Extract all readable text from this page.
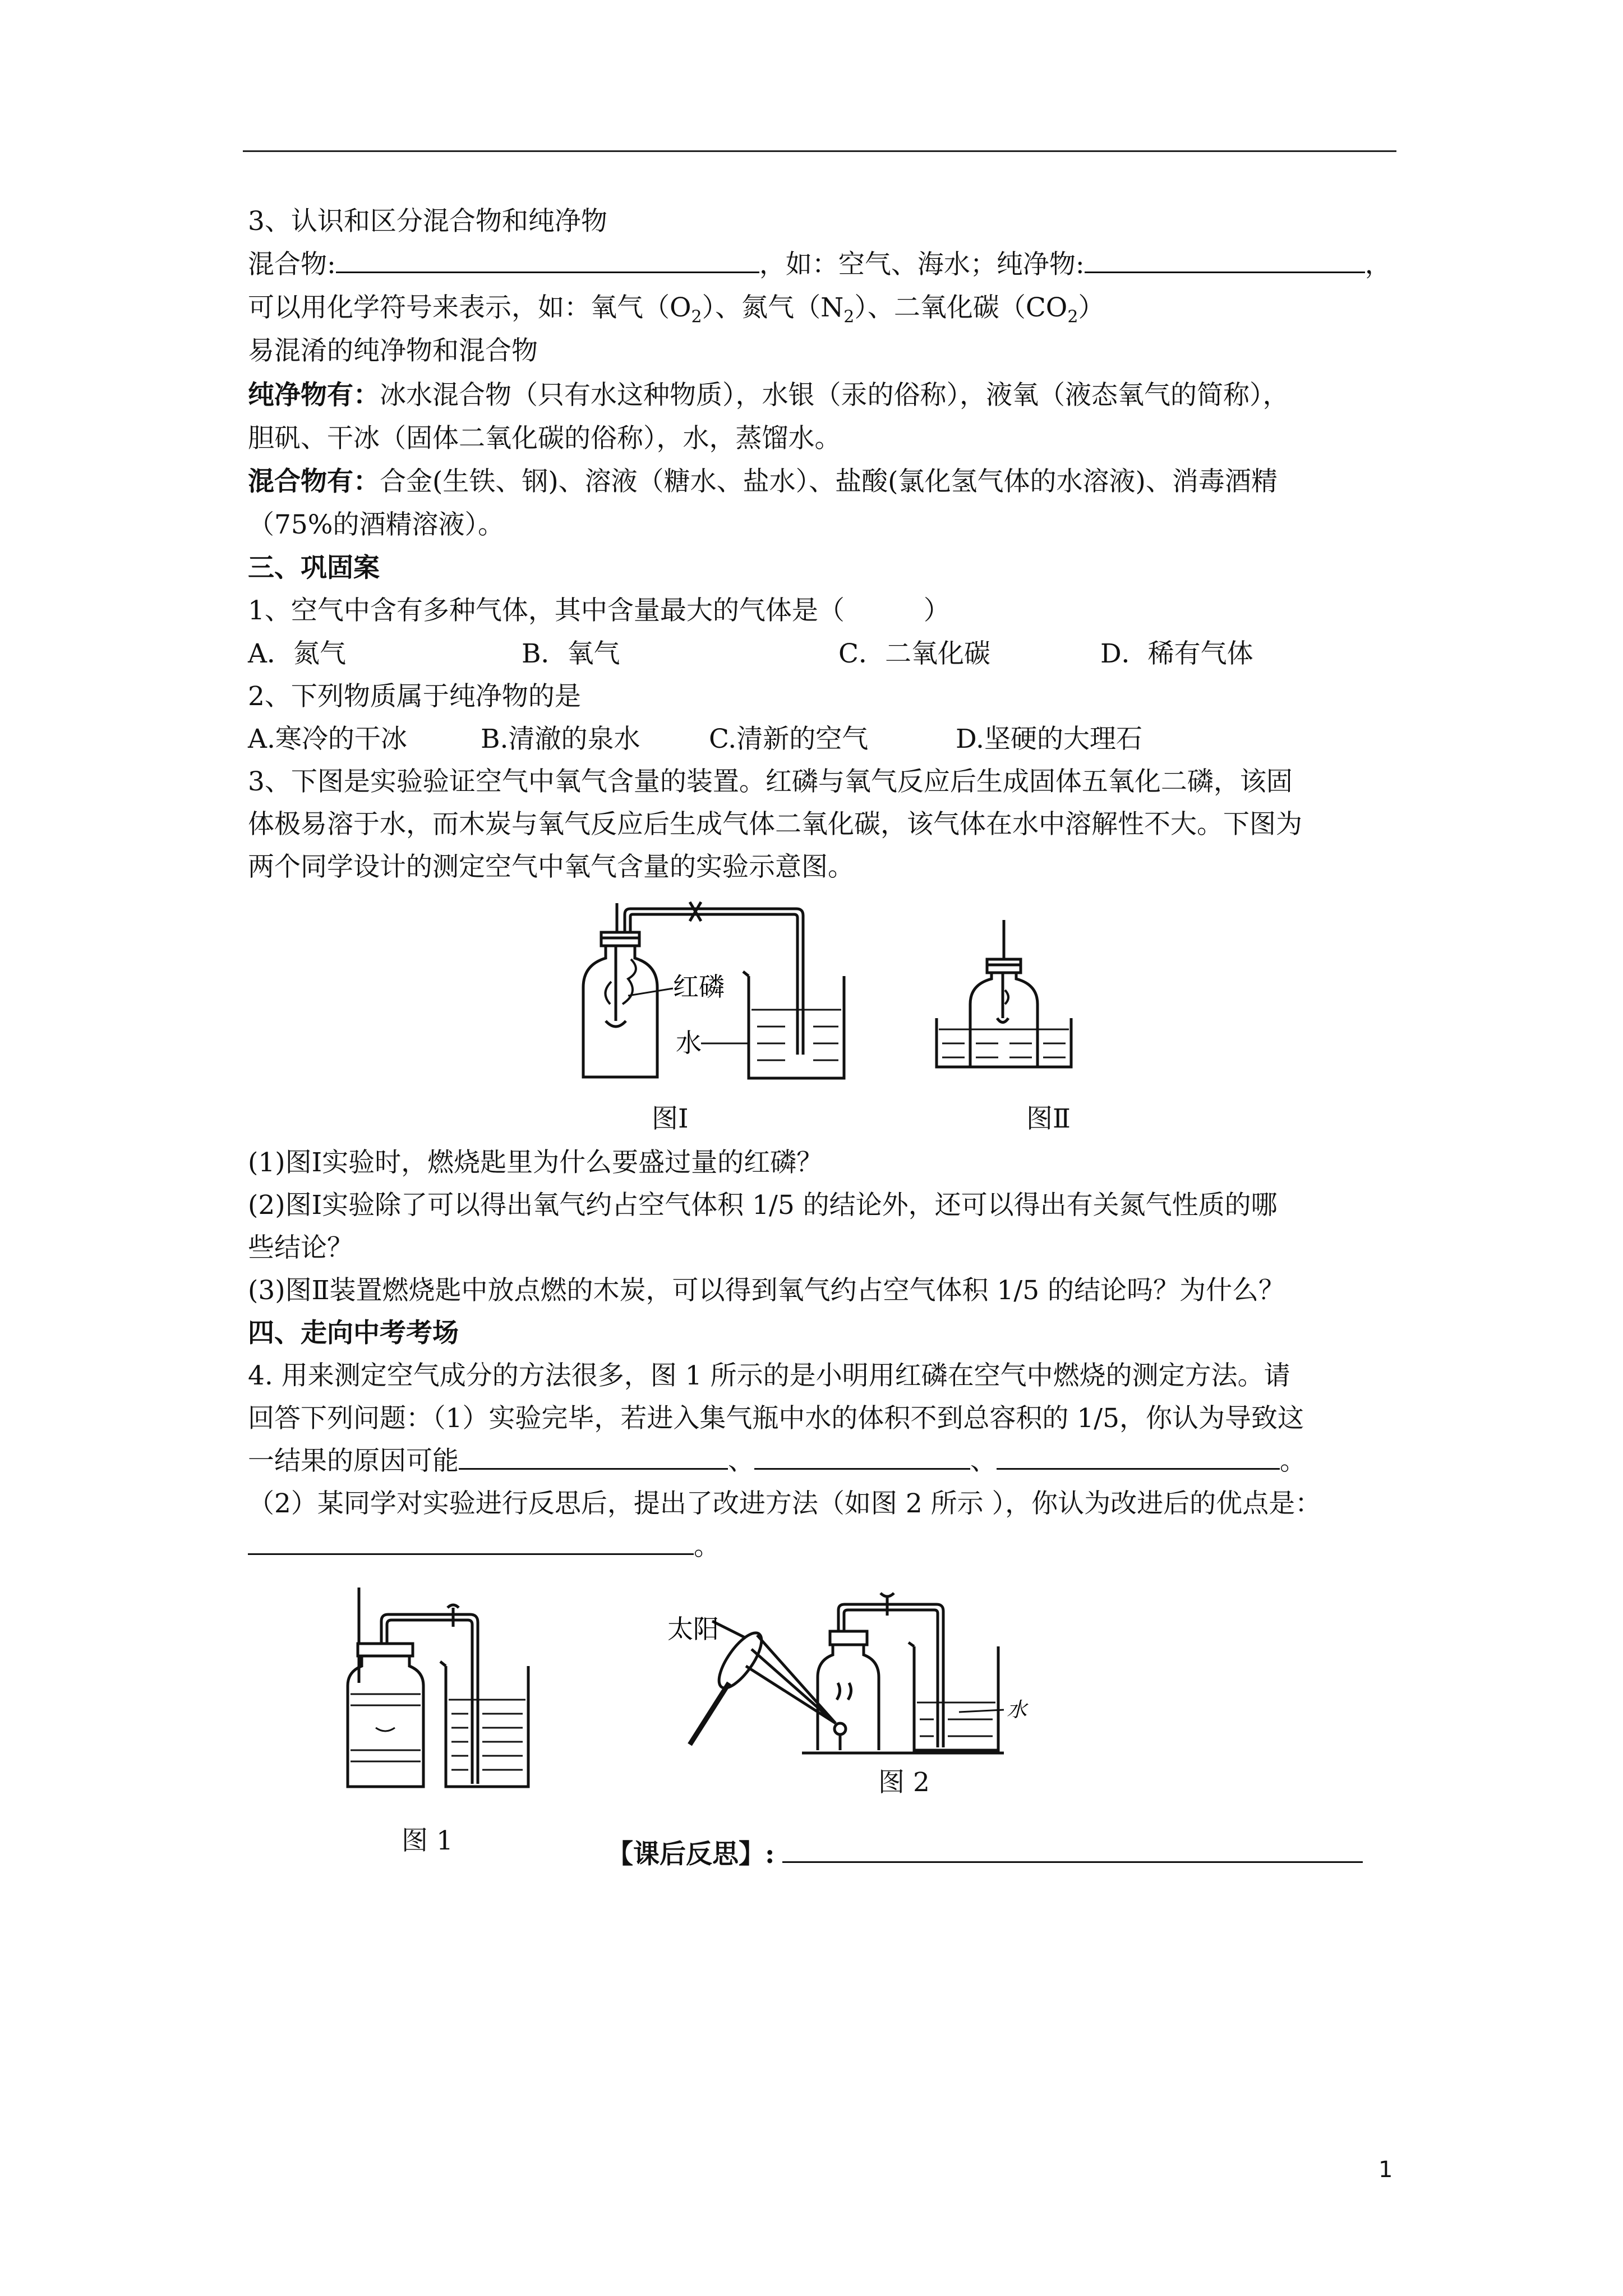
3、认识和区分混合物和纯净物
混合物:	，如：空气、海水；纯净物:	，
可以用化学符号来表示，如：氧气$(O_2)$、氮气$(N_2)$、二氧化碳$(CO_2)$
易混淆的纯净物和混合物
纯净物有：冰水混合物（只有水这种物质），水银（汞的俗称），液氧（液态氧气的简称），
胆矾、干冰（固体二氧化碳的俗称），水，蒸馏水。
混合物有：合金(生铁、钢)、溶液（糖水、盐水）、盐酸(氯化氢气体的水溶液)、消毒酒精
（75%的酒精溶液）。
三、巩固案
1、空气中含有多种气体，其中含量最大的气体是（　　　）
A．氮气	B．氧气	C．二氧化碳	D．稀有气体
2、下列物质属于纯净物的是
A.寒冷的干冰	B.清澈的泉水	C.清新的空气	D.坚硬的大理石
3、下图是实验验证空气中氧气含量的装置。红磷与氧气反应后生成固体五氧化二磷，该固
体极易溶于水，而木炭与氧气反应后生成气体二氧化碳，该气体在水中溶解性不大。下图为
两个同学设计的测定空气中氧气含量的实验示意图。
红磷
水
图Ⅰ	图Ⅱ
(1)图Ⅰ实验时，燃烧匙里为什么要盛过量的红磷？
(2)图Ⅰ实验除了可以得出氧气约占空气体积 1/5 的结论外，还可以得出有关氮气性质的哪
些结论？
(3)图Ⅱ装置燃烧匙中放点燃的木炭，可以得到氧气约占空气体积 1/5 的结论吗？为什么？
四、走向中考考场
4. 用来测定空气成分的方法很多，图 1 所示的是小明用红磷在空气中燃烧的测定方法。请
回答下列问题：（1）实验完毕，若进入集气瓶中水的体积不到总容积的 1/5，你认为导致这
一结果的原因可能	、	、	。
（2）某同学对实验进行反思后，提出了改进方法（如图 2 所示 ），你认为改进后的优点是：
。
图 1
太阳
水
图 2
【课后反思】:
1
